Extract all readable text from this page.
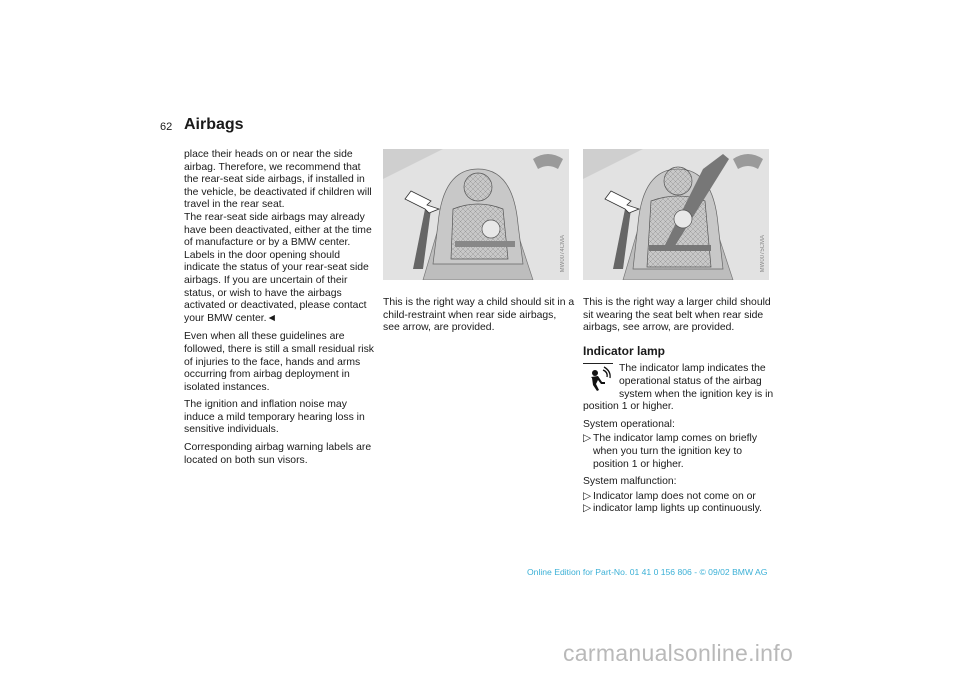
62 Airbags

place their heads on or near the side airbag. Therefore, we recommend that the rear-seat side airbags, if installed in the vehicle, be deactivated if children will travel in the rear seat.

The rear-seat side airbags may already have been deactivated, either at the time of manufacture or by a BMW center. Labels in the door opening should indicate the status of your rear-seat side airbags. If you are uncertain of their status, or wish to have the airbags activated or deactivated, please contact your BMW center.◄

Even when all these guidelines are followed, there is still a small residual risk of injuries to the face, hands and arms occurring from airbag deployment in isolated instances.

The ignition and inflation noise may induce a mild temporary hearing loss in sensitive individuals.

Corresponding airbag warning labels are located on both sun visors.

MW0074CMA	MW0075CMA

This is the right way a child should sit in a child-restraint when rear side airbags, see arrow, are provided.

This is the right way a larger child should sit wearing the seat belt when rear side airbags, see arrow, are provided.

Indicator lamp

The indicator lamp indicates the operational status of the airbag system when the ignition key is in position 1 or higher.

System operational:

▷ The indicator lamp comes on briefly when you turn the ignition key to position 1 or higher.

System malfunction:

▷ Indicator lamp does not come on or
▷ indicator lamp lights up continuously.
Online Edition for Part-No. 01 41 0 156 806 - © 09/02 BMW AG
carmanualsonline.info
